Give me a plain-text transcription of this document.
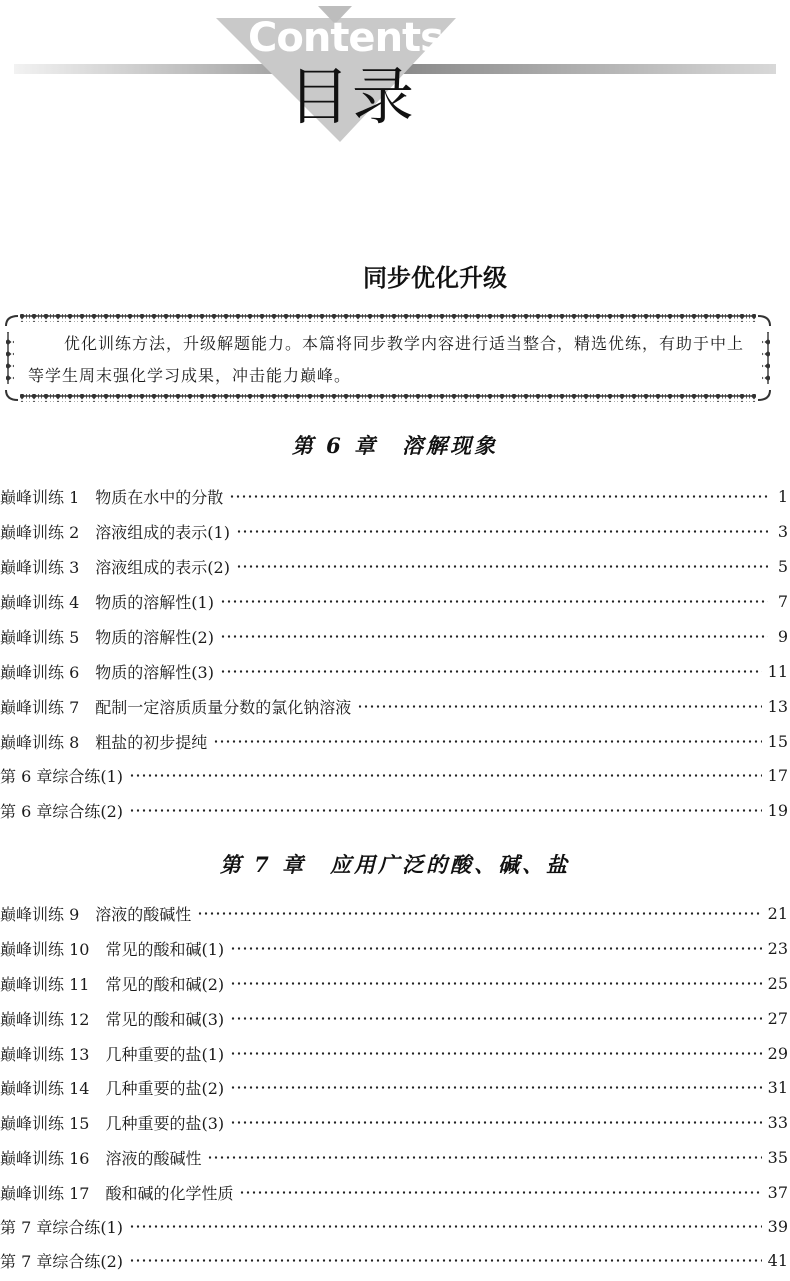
Contents
目录
同步优化升级
优化训练方法，升级解题能力。本篇将同步教学内容进行适当整合，精选优练，有助于中上等学生周末强化学习成果，冲击能力巅峰。
第 6 章　溶解现象
巅峰训练 1　物质在水中的分散	1
巅峰训练 2　溶液组成的表示(1)	3
巅峰训练 3　溶液组成的表示(2)	5
巅峰训练 4　物质的溶解性(1)	7
巅峰训练 5　物质的溶解性(2)	9
巅峰训练 6　物质的溶解性(3)	11
巅峰训练 7　配制一定溶质质量分数的氯化钠溶液	13
巅峰训练 8　粗盐的初步提纯	15
第 6 章综合练(1)	17
第 6 章综合练(2)	19
第 7 章　应用广泛的酸、碱、盐
巅峰训练 9　溶液的酸碱性	21
巅峰训练 10　常见的酸和碱(1)	23
巅峰训练 11　常见的酸和碱(2)	25
巅峰训练 12　常见的酸和碱(3)	27
巅峰训练 13　几种重要的盐(1)	29
巅峰训练 14　几种重要的盐(2)	31
巅峰训练 15　几种重要的盐(3)	33
巅峰训练 16　溶液的酸碱性	35
巅峰训练 17　酸和碱的化学性质	37
第 7 章综合练(1)	39
第 7 章综合练(2)	41
